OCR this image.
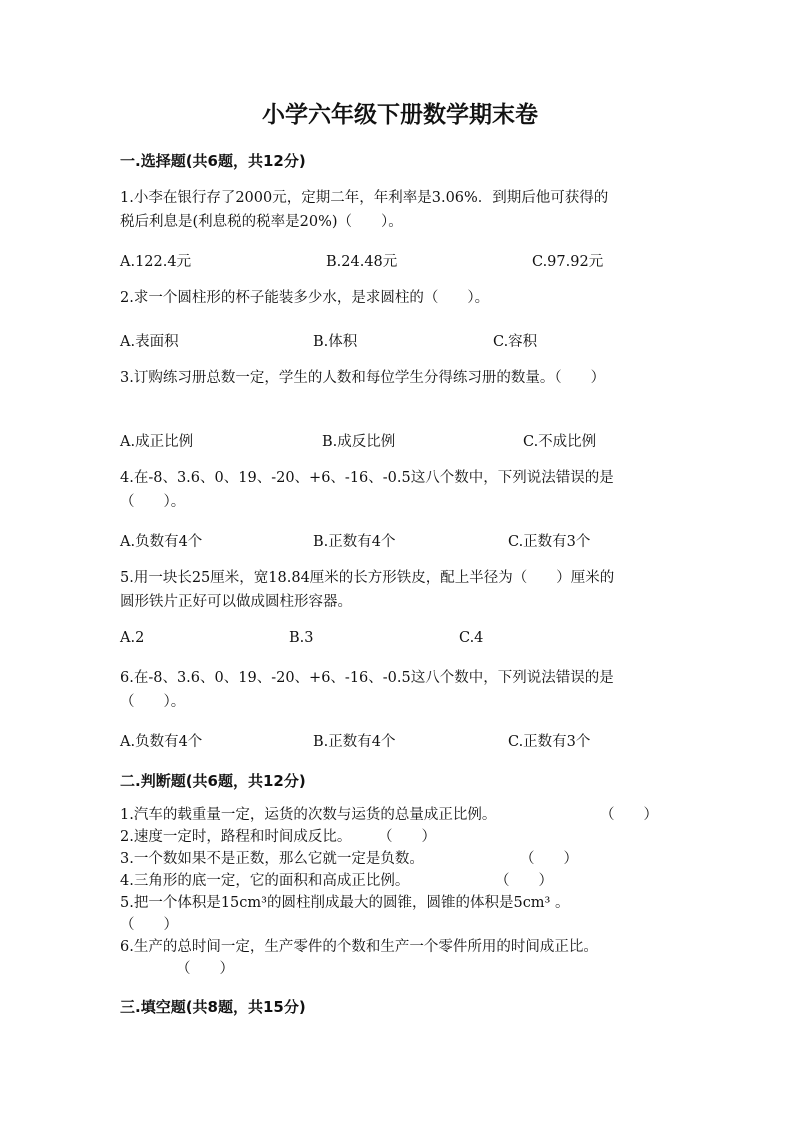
小学六年级下册数学期末卷
一.选择题(共6题，共12分)
1.小李在银行存了2000元，定期二年，年利率是3.06%．到期后他可获得的
税后利息是(利息税的税率是20%)（　　）。
A.122.4元	B.24.48元	C.97.92元
2.求一个圆柱形的杯子能装多少水，是求圆柱的（　　）。
A.表面积	B.体积	C.容积
3.订购练习册总数一定，学生的人数和每位学生分得练习册的数量。（　　）
A.成正比例	B.成反比例	C.不成比例
4.在-8、3.6、0、19、-20、+6、-16、-0.5这八个数中，下列说法错误的是
（　　）。
A.负数有4个	B.正数有4个	C.正数有3个
5.用一块长25厘米，宽18.84厘米的长方形铁皮，配上半径为（　　）厘米的
圆形铁片正好可以做成圆柱形容器。
A.2	B.3	C.4
6.在-8、3.6、0、19、-20、+6、-16、-0.5这八个数中，下列说法错误的是
（　　）。
A.负数有4个	B.正数有4个	C.正数有3个
二.判断题(共6题，共12分)
1.汽车的载重量一定，运货的次数与运货的总量成正比例。	（　　）
2.速度一定时，路程和时间成反比。 （　　）
3.一个数如果不是正数，那么它就一定是负数。	（　　）
4.三角形的底一定，它的面积和高成正比例。	（　　）
5.把一个体积是15cm³的圆柱削成最大的圆锥，圆锥的体积是5cm³ 。
（　　）
6.生产的总时间一定，生产零件的个数和生产一个零件所用的时间成正比。
（　　）
三.填空题(共8题，共15分)
